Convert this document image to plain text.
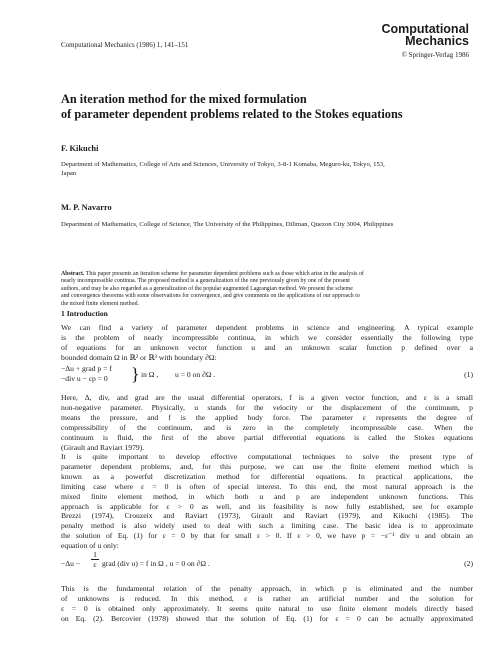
Computational Mechanics (1986) 1, 141–151
Computational
Mechanics
© Springer-Verlag 1986
An iteration method for the mixed formulation
of parameter dependent problems related to the Stokes equations
F. Kikuchi
Department of Mathematics, College of Arts and Sciences, University of Tokyo, 3-8-1 Komaba, Meguro-ku, Tokyo, 153,
Japan
M. P. Navarro
Department of Mathematics, College of Science, The University of the Philippines, Diliman, Quezon City 3004, Philippines
Abstract. This paper presents an iteration scheme for parameter dependent problems such as those which arise in the analysis of
nearly incompressible continua. The proposed method is a generalization of the one previously given by one of the present
authors, and may be also regarded as a generalization of the popular augmented Lagrangian method. We present the scheme
and convergence theorems with some observations for convergence, and give comments on the applications of our approach to
the mixed finite element method.
1 Introduction
We can find a variety of parameter dependent problems in science and engineering. A typical example
is the problem of nearly incompressible continua, in which we consider essentially the following type
of equations for an unknown vector function u and an unknown scalar function p defined over a
bounded domain Ω in ℝ² or ℝ³ with boundary ∂Ω:
−Δu + grad p = f
−div u − εp = 0 } in Ω , u = 0 on ∂Ω .	(1)
Here, Δ, div, and grad are the usual differential operators, f is a given vector function, and ε is a small
non-negative parameter. Physically, u stands for the velocity or the displacement of the continuum, p
means the pressure, and f is the applied body force. The parameter ε represents the degree of
compressibility of the continuum, and is zero in the completely incompressible case. When the
continuum is fluid, the first of the above partial differential equations is called the Stokes equations
(Girault and Raviart 1979).
It is quite important to develop effective computational techniques to solve the present type of
parameter dependent problems, and, for this purpose, we can use the finite element method which is
known as a powerful discretization method for differential equations. In practical applications, the
limiting case where ε = 0 is often of special interest. To this end, the most natural approach is the
mixed finite element method, in which both u and p are independent unknown functions. This
approach is applicable for ε > 0 as well, and its feasibility is now fully established, see for example
Brezzi (1974), Crouzeix and Raviart (1973), Girault and Raviart (1979), and Kikuchi (1985). The
penalty method is also widely used to deal with such a limiting case. The basic idea is to approximate
the solution of Eq. (1) for ε = 0 by that for small ε > 0. If ε > 0, we have p = −ε⁻¹ div u and obtain an
equation of u only:
$-\Delta u - \frac{1}{\varepsilon}$ grad (div u) = f in Ω , u = 0 on ∂Ω .	(2)
This is the fundamental relation of the penalty approach, in which p is eliminated and the number
of unknowns is reduced. In this method, ε is rather an artificial number and the solution for
ε = 0 is obtained only approximately. It seems quite natural to use finite element models directly based
on Eq. (2). Bercovier (1978) showed that the solution of Eq. (1) for ε = 0 can be actually approximated
